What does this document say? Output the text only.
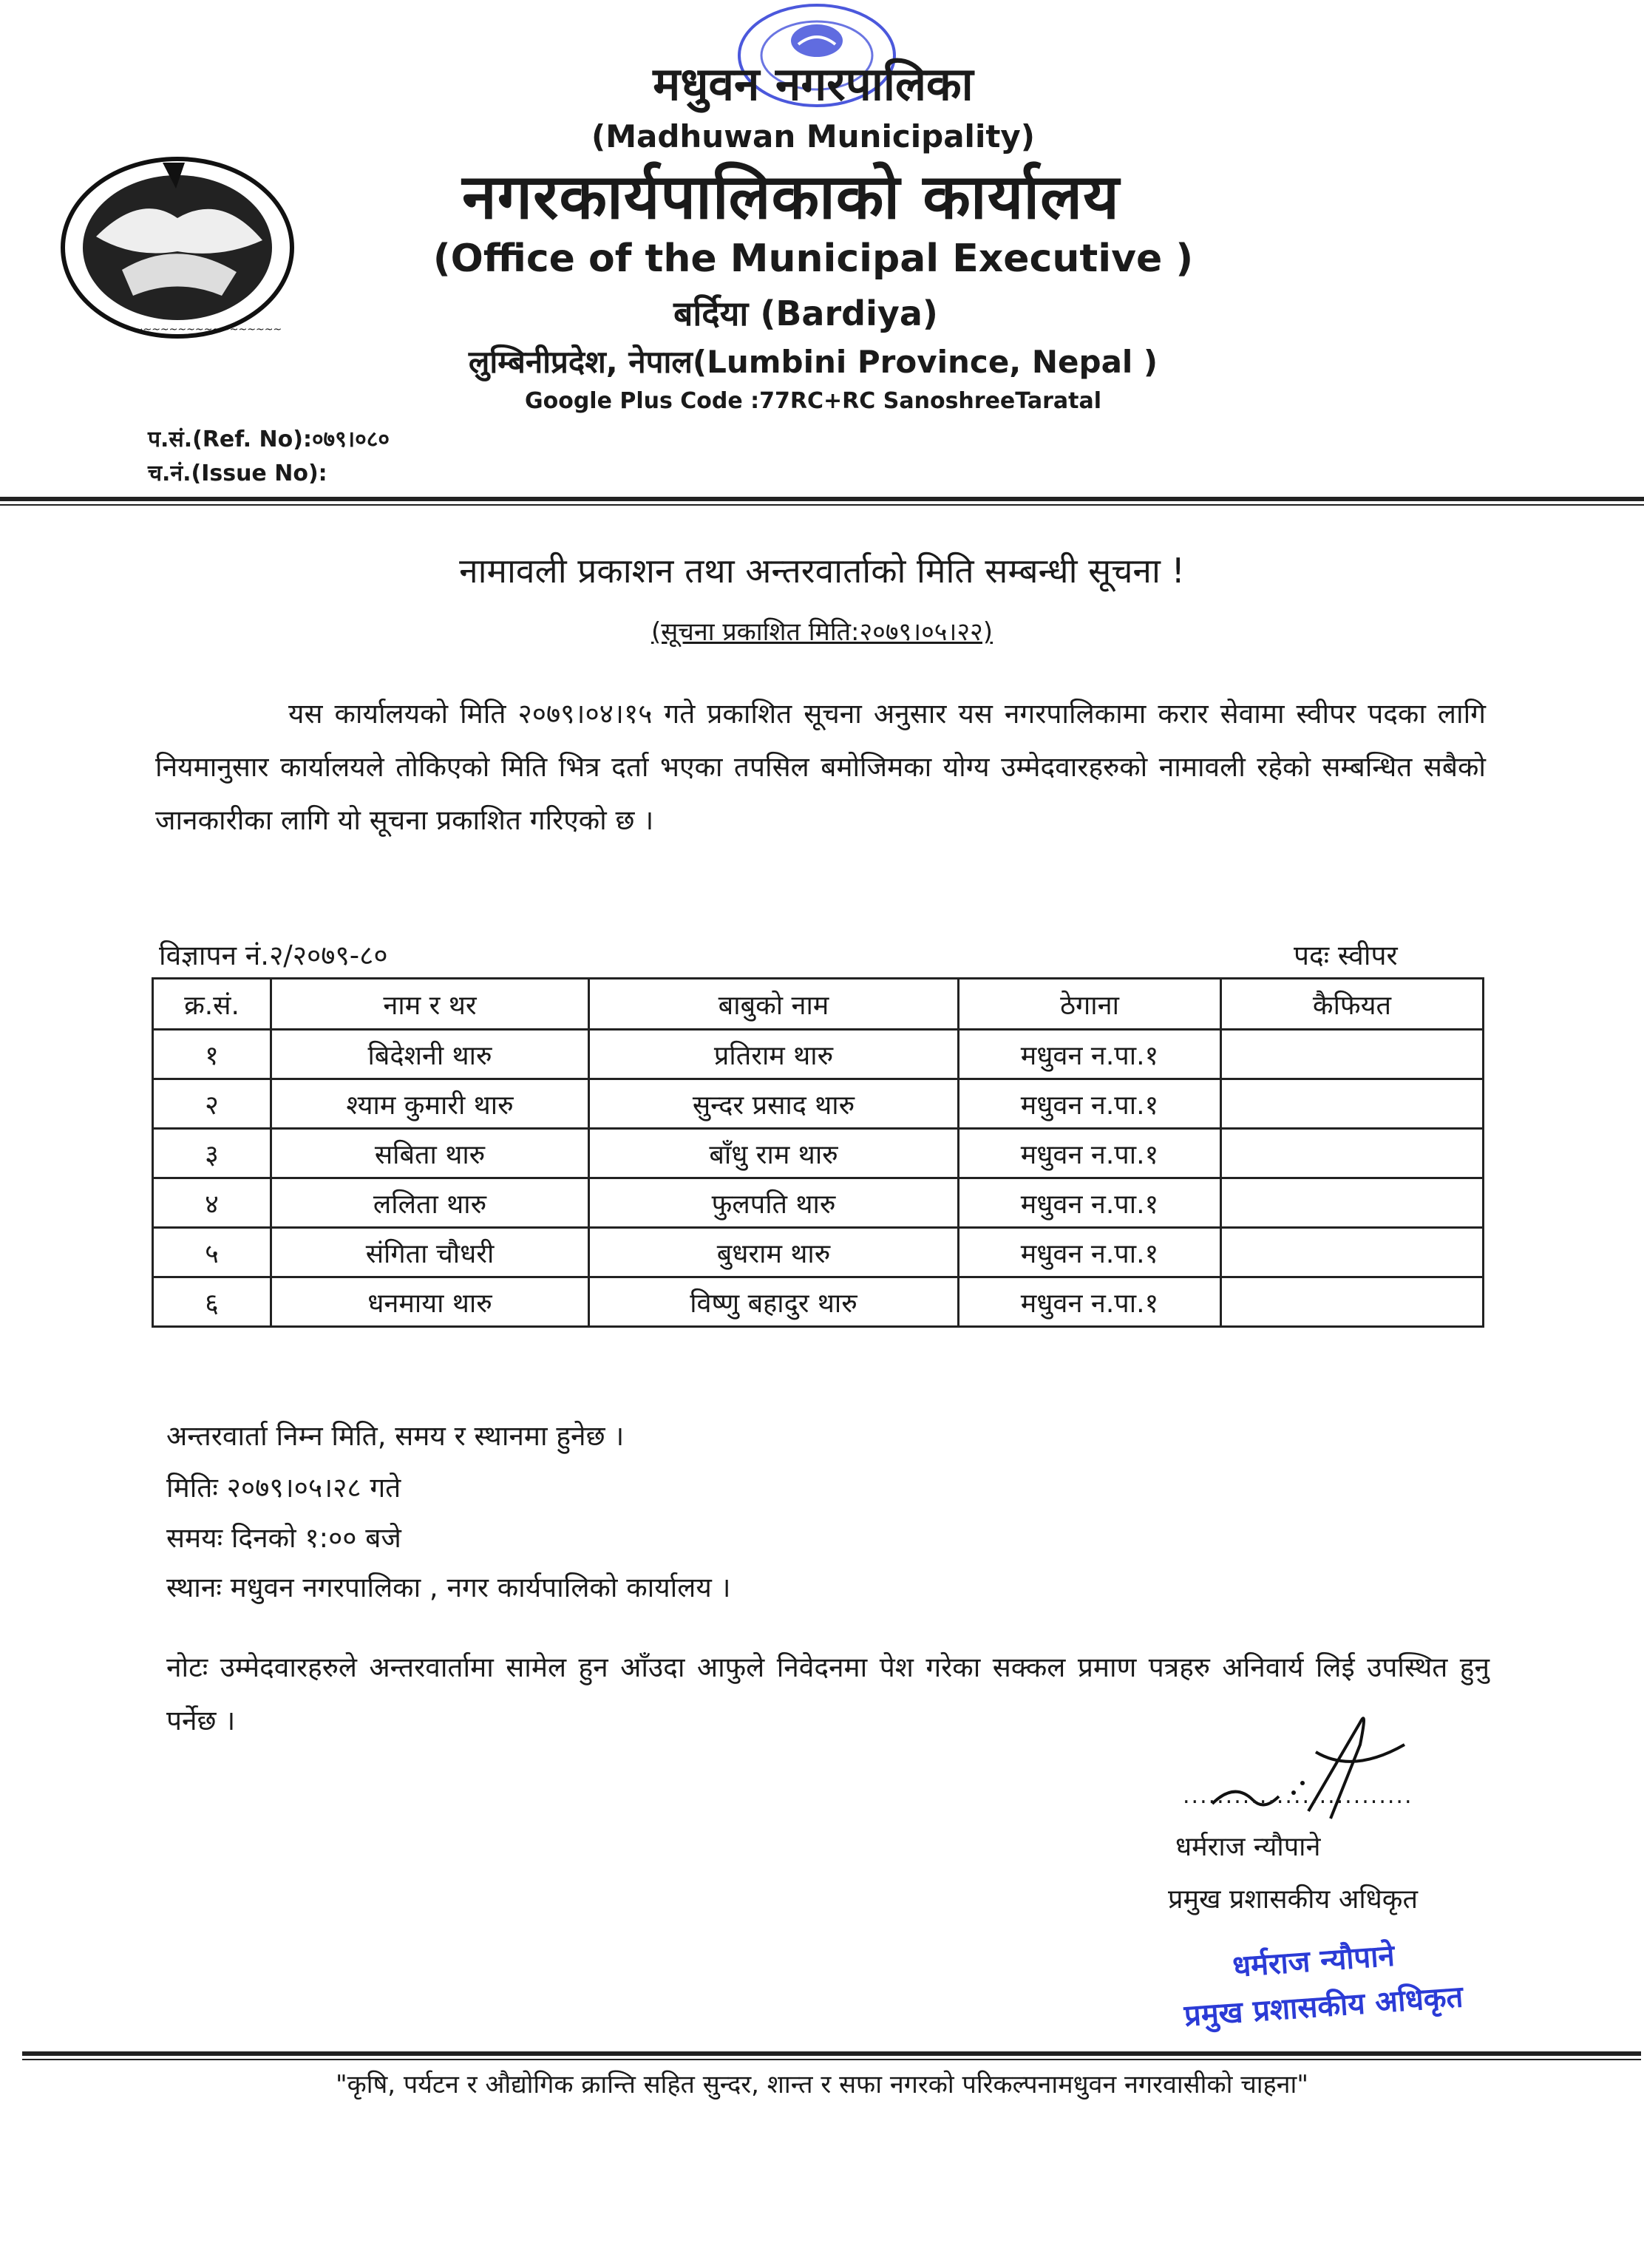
~~~~~~~~~~~~~~~~~~
मधुवन नगरपालिका
(Madhuwan Municipality)
नगरकार्यपालिकाको कार्यालय
(Office of the Municipal Executive )
बर्दिया (Bardiya)
लुम्बिनीप्रदेश, नेपाल(Lumbini Province, Nepal )
Google Plus Code :77RC+RC SanoshreeTaratal
प.सं.(Ref. No):०७९।०८०
च.नं.(Issue No):
नामावली प्रकाशन तथा अन्तरवार्ताको मिति सम्बन्धी सूचना !
(सूचना प्रकाशित मिति:२०७९।०५।२२)
यस कार्यालयको मिति २०७९।०४।१५ गते प्रकाशित सूचना अनुसार यस नगरपालिकामा करार सेवामा स्वीपर पदका लागि नियमानुसार कार्यालयले तोकिएको मिति भित्र दर्ता भएका तपसिल बमोजिमका योग्य उम्मेदवारहरुको नामावली रहेको सम्बन्धित सबैको जानकारीका लागि यो सूचना प्रकाशित गरिएको छ ।
विज्ञापन नं.२/२०७९-८०	पदः स्वीपर
क्र.सं.	नाम र थर	बाबुको नाम	ठेगाना	कैफियत
१	बिदेशनी थारु	प्रतिराम थारु	मधुवन न.पा.१	
२	श्याम कुमारी थारु	सुन्दर प्रसाद थारु	मधुवन न.पा.१	
३	सबिता थारु	बाँधु राम थारु	मधुवन न.पा.१	
४	ललिता थारु	फुलपति थारु	मधुवन न.पा.१	
५	संगिता चौधरी	बुधराम थारु	मधुवन न.पा.१	
६	धनमाया थारु	विष्णु बहादुर थारु	मधुवन न.पा.१	
अन्तरवार्ता निम्न मिति, समय र स्थानमा हुनेछ ।
मितिः २०७९।०५।२८ गते
समयः दिनको १:०० बजे
स्थानः मधुवन नगरपालिका , नगर कार्यपालिको कार्यालय ।
नोटः उम्मेदवारहरुले अन्तरवार्तामा सामेल हुन आँउदा आफुले निवेदनमा पेश गरेका सक्कल प्रमाण पत्रहरु अनिवार्य लिई उपस्थित हुनु पर्नेछ ।
...........................
धर्मराज न्यौपाने
प्रमुख प्रशासकीय अधिकृत
धर्मराज न्यौपाने
प्रमुख प्रशासकीय अधिकृत
"कृषि, पर्यटन र औद्योगिक क्रान्ति सहित सुन्दर, शान्त र सफा नगरको परिकल्पनामधुवन नगरवासीको चाहना"
